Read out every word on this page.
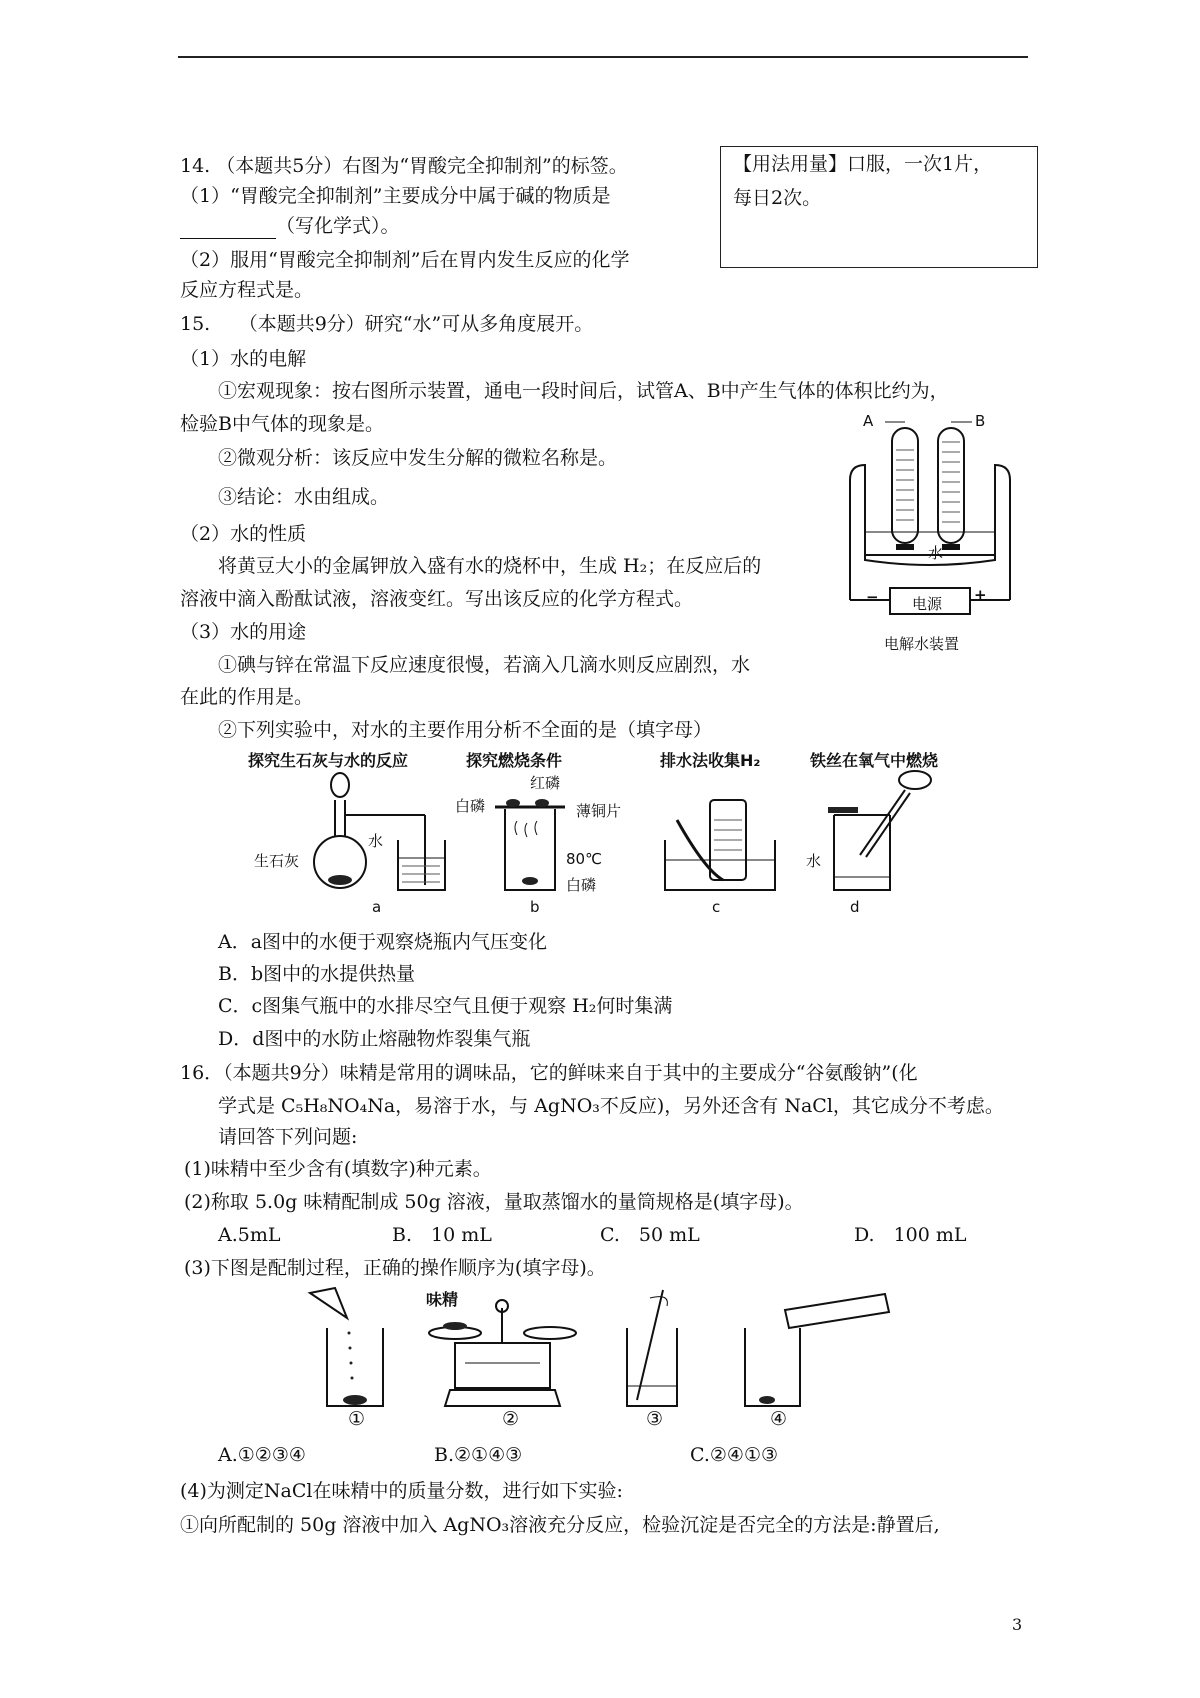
14. （本题共5分）右图为“胃酸完全抑制剂”的标签。
（1）“胃酸完全抑制剂”主要成分中属于碱的物质是
（写化学式）。
（2）服用“胃酸完全抑制剂”后在胃内发生反应的化学
反应方程式是。
【用法用量】口服，一次1片，
每日2次。
15.　　（本题共9分）研究“水”可从多角度展开。
（1）水的电解
①宏观现象：按右图所示装置，通电一段时间后，试管A、B中产生气体的体积比约为，
检验B中气体的现象是。
②微观分析：该反应中发生分解的微粒名称是。
③结论：水由组成。
（2）水的性质
将黄豆大小的金属钾放入盛有水的烧杯中，生成 H₂；在反应后的
溶液中滴入酚酞试液，溶液变红。写出该反应的化学方程式。
（3）水的用途
①碘与锌在常温下反应速度很慢，若滴入几滴水则反应剧烈，水
在此的作用是。
②下列实验中，对水的主要作用分析不全面的是（填字母）
A	B
水
−	+
电源
电解水装置
探究生石灰与水的反应	探究燃烧条件	排水法收集H₂	铁丝在氧气中燃烧
生石灰
水
a
红磷
白磷	薄铜片
80℃
白磷
b	c
水
d
A．a图中的水便于观察烧瓶内气压变化
B．b图中的水提供热量
C．c图集气瓶中的水排尽空气且便于观察 H₂何时集满
D．d图中的水防止熔融物炸裂集气瓶
16．（本题共9分）味精是常用的调味品，它的鲜味来自于其中的主要成分“谷氨酸钠”(化
学式是 C₅H₈NO₄Na，易溶于水，与 AgNO₃不反应)，另外还含有 NaCl，其它成分不考虑。
请回答下列问题:
(1)味精中至少含有(填数字)种元素。
(2)称取 5.0g 味精配制成 50g 溶液，量取蒸馏水的量筒规格是(填字母)。
A.5mL	B.　10 mL	C.　50 mL	D.　100 mL
(3)下图是配制过程，正确的操作顺序为(填字母)。
味精
①	②	③	④
A.①②③④	B.②①④③	C.②④①③
(4)为测定NaCl在味精中的质量分数，进行如下实验:
①向所配制的 50g 溶液中加入 AgNO₃溶液充分反应，检验沉淀是否完全的方法是:静置后,
3
